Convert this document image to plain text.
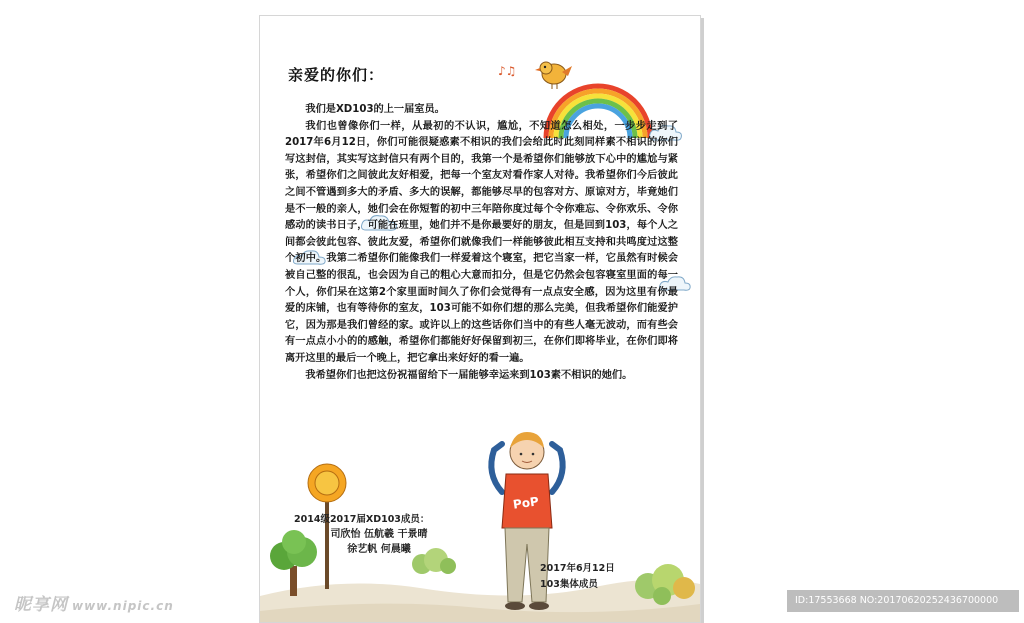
♪♫
PoP
亲爱的你们：

我们是XD103的上一届室员。

我们也曾像你们一样，从最初的不认识，尴尬，不知道怎么相处，一步步走到了2017年6月12日，你们可能很疑惑素不相识的我们会给此时此刻同样素不相识的你们写这封信，其实写这封信只有两个目的，我第一个是希望你们能够放下心中的尴尬与紧张，希望你们之间彼此友好相爱，把每一个室友对看作家人对待。我希望你们今后彼此之间不管遇到多大的矛盾、多大的误解，都能够尽早的包容对方、原谅对方，毕竟她们是不一般的亲人，她们会在你短暂的初中三年陪你度过每个令你难忘、令你欢乐、令你感动的读书日子，可能在班里，她们并不是你最要好的朋友，但是回到103，每个人之间都会彼此包容、彼此友爱，希望你们就像我们一样能够彼此相互支持和共鸣度过这整个初中。我第二希望你们能像我们一样爱着这个寝室，把它当家一样，它虽然有时候会被自己整的很乱，也会因为自己的粗心大意而扣分，但是它仍然会包容寝室里面的每一个人，你们呆在这第2个家里面时间久了你们会觉得有一点点安全感，因为这里有你最爱的床铺，也有等待你的室友，103可能不如你们想的那么完美，但我希望你们能爱护它，因为那是我们曾经的家。或许以上的这些话你们当中的有些人毫无波动，而有些会有一点点小小的的感触，希望你们都能好好保留到初三，在你们即将毕业，在你们即将离开这里的最后一个晚上，把它拿出来好好的看一遍。

我希望你们也把这份祝福留给下一届能够幸运来到103素不相识的她们。

2014级2017届XD103成员：
司欣怡 伍航羲 干景晴
徐艺帆 何晨曦
2017年6月12日
103集体成员
昵享网 www.nipic.cn	ID:17553668 NO:20170620252436700000
